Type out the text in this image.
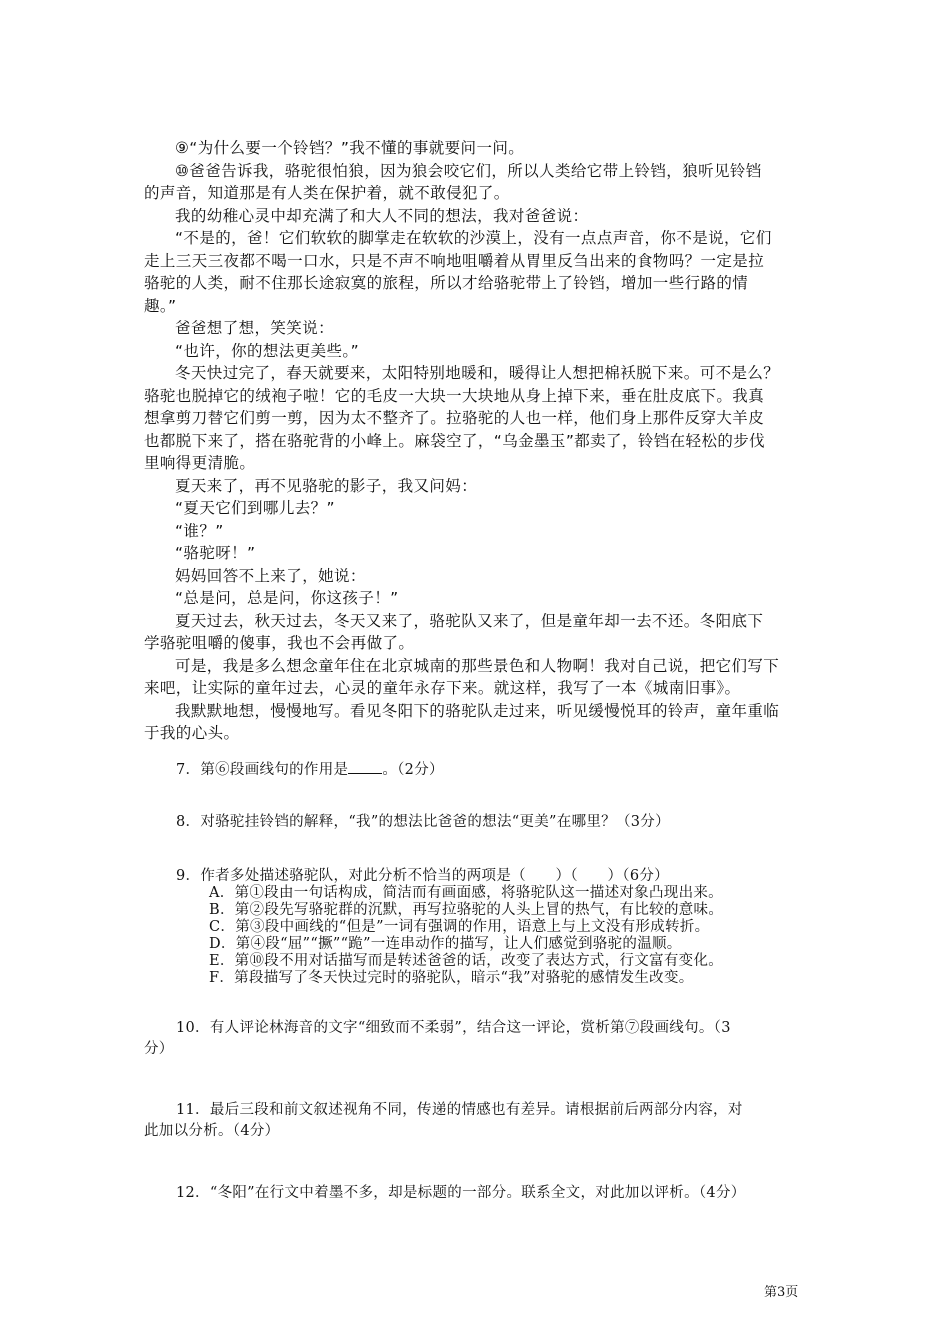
⑨“为什么要一个铃铛？”我不懂的事就要问一问。

⑩爸爸告诉我，骆驼很怕狼，因为狼会咬它们，所以人类给它带上铃铛，狼听见铃铛

的声音，知道那是有人类在保护着，就不敢侵犯了。

我的幼稚心灵中却充满了和大人不同的想法，我对爸爸说：

“不是的，爸！它们软软的脚掌走在软软的沙漠上，没有一点点声音，你不是说，它们

走上三天三夜都不喝一口水，只是不声不响地咀嚼着从胃里反刍出来的食物吗？一定是拉

骆驼的人类，耐不住那长途寂寞的旅程，所以才给骆驼带上了铃铛，增加一些行路的情

趣。”

爸爸想了想，笑笑说：

“也许，你的想法更美些。”

冬天快过完了，春天就要来，太阳特别地暖和，暖得让人想把棉袄脱下来。可不是么？

骆驼也脱掉它的绒袍子啦！它的毛皮一大块一大块地从身上掉下来，垂在肚皮底下。我真

想拿剪刀替它们剪一剪，因为太不整齐了。拉骆驼的人也一样，他们身上那件反穿大羊皮

也都脱下来了，搭在骆驼背的小峰上。麻袋空了，“乌金墨玉”都卖了，铃铛在轻松的步伐

里响得更清脆。

夏天来了，再不见骆驼的影子，我又问妈：

“夏天它们到哪儿去？”

“谁？”

“骆驼呀！”

妈妈回答不上来了，她说：

“总是问，总是问，你这孩子！”

夏天过去，秋天过去，冬天又来了，骆驼队又来了，但是童年却一去不还。冬阳底下

学骆驼咀嚼的傻事，我也不会再做了。

可是，我是多么想念童年住在北京城南的那些景色和人物啊！我对自己说，把它们写下

来吧，让实际的童年过去，心灵的童年永存下来。就这样，我写了一本《城南旧事》。

我默默地想，慢慢地写。看见冬阳下的骆驼队走过来，听见缓慢悦耳的铃声，童年重临

于我的心头。

7．第⑥段画线句的作用是 。（2分）

8．对骆驼挂铃铛的解释，“我”的想法比爸爸的想法“更美”在哪里？（3分）

9．作者多处描述骆驼队，对此分析不恰当的两项是（　　）（　　）（6分）

A．第①段由一句话构成，简洁而有画面感，将骆驼队这一描述对象凸现出来。
B．第②段先写骆驼群的沉默，再写拉骆驼的人头上冒的热气，有比较的意味。
C．第③段中画线的“但是”一词有强调的作用，语意上与上文没有形成转折。
D．第④段“屈”“撅”“跪”一连串动作的描写，让人们感觉到骆驼的温顺。
E．第⑩段不用对话描写而是转述爸爸的话，改变了表达方式，行文富有变化。
F．第段描写了冬天快过完时的骆驼队，暗示“我”对骆驼的感情发生改变。

10．有人评论林海音的文字“细致而不柔弱”，结合这一评论，赏析第⑦段画线句。（3

分）

11．最后三段和前文叙述视角不同，传递的情感也有差异。请根据前后两部分内容，对

此加以分析。（4分）

12．“冬阳”在行文中着墨不多，却是标题的一部分。联系全文，对此加以评析。（4分）

第3页
